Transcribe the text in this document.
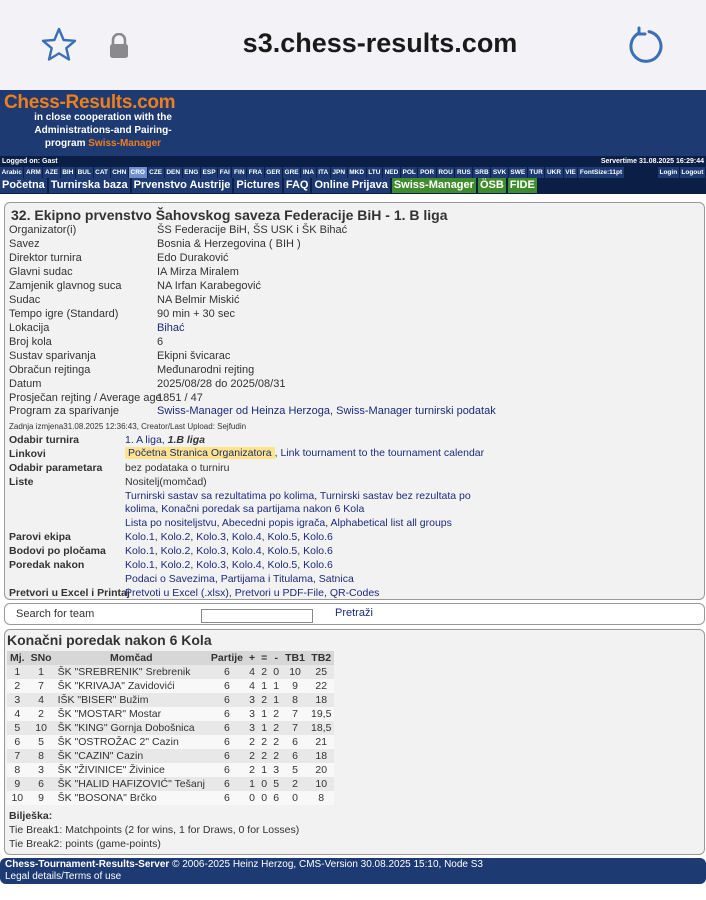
s3.chess-results.com
Chess-Results.com
in close cooperation with the
Administrations-and Pairing-
program Swiss-Manager
Logged on: Gast	Servertime 31.08.2025 16:29:44
Arabic ARM AZE BIH BUL CAT CHN CRO CZE DEN ENG ESP FAI FIN FRA GER GRE INA ITA JPN MKD LTU NED POL POR ROU RUS SRB SVK SWE TUR UKR VIE FontSize:11pt	Login Logout
Početna Turnirska baza Prvenstvo Austrije Pictures FAQ Online Prijava Swiss-Manager ÖSB FIDE
32. Ekipno prvenstvo Šahovskog saveza Federacije BiH - 1. B liga
Organizator(i)	ŠS Federacije BiH, ŠS USK i ŠK Bihać
Savez	Bosnia & Herzegovina ( BIH )
Direktor turnira	Edo Duraković
Glavni sudac	IA Mirza Miralem
Zamjenik glavnog suca	NA Irfan Karabegović
Sudac	NA Belmir Miskić
Tempo igre (Standard)	90 min + 30 sec
Lokacija	Bihać
Broj kola	6
Sustav sparivanja	Ekipni švicarac
Obračun rejtinga	Međunarodni rejting
Datum	2025/08/28 do 2025/08/31
Prosječan rejting / Average age
1851 / 47
Program za sparivanje	Swiss-Manager od Heinza Herzoga, Swiss-Manager turnirski podatak
Zadnja izmjena31.08.2025 12:36:43, Creator/Last Upload: Sejfudin
Odabir turnira	1. A liga, 1.B liga
Linkovi	Početna Stranica Organizatora , Link tournament to the tournament calendar
Odabir parametara bez podataka o turniru
Liste	Nositelj(momčad)
Turnirski sastav sa rezultatima po kolima, Turnirski sastav bez rezultata po
kolima, Konačni poredak sa partijama nakon 6 Kola
Lista po nositeljstvu, Abecedni popis igrača, Alphabetical list all groups
Parovi ekipa	Kolo.1, Kolo.2, Kolo.3, Kolo.4, Kolo.5, Kolo.6
Bodovi po pločama Kolo.1, Kolo.2, Kolo.3, Kolo.4, Kolo.5, Kolo.6
Poredak nakon	Kolo.1, Kolo.2, Kolo.3, Kolo.4, Kolo.5, Kolo.6
Podaci o Savezima, Partijama i Titulama, Satnica
Pretvori u Excel i Printaj
Pretvoti u Excel (.xlsx), Pretvori u PDF-File, QR-Codes
Search for team	Pretraži
Konačni poredak nakon 6 Kola
Mj.	SNo	Momčad	Partije	+	=	-	TB1	TB2
1	1	ŠK "SREBRENIK" Srebrenik	6	4	2	0	10	25
2	7	ŠK "KRIVAJA" Zavidovići	6	4	1	1	9	22
3	4	IŠK "BISER" Bužim	6	3	2	1	8	18
4	2	ŠK "MOSTAR" Mostar	6	3	1	2	7	19,5
5	10	ŠK "KING" Gornja Dobošnica	6	3	1	2	7	18,5
6	5	ŠK "OSTROŽAC 2" Cazin	6	2	2	2	6	21
7	8	ŠK "CAZIN" Cazin	6	2	2	2	6	18
8	3	ŠK "ŽIVINICE" Živinice	6	2	1	3	5	20
9	6	ŠK "HALID HAFIZOVIĆ" Tešanj	6	1	0	5	2	10
10	9	ŠK "BOSONA" Brčko	6	0	0	6	0	8
Bilješka:
Tie Break1: Matchpoints (2 for wins, 1 for Draws, 0 for Losses)
Tie Break2: points (game-points)
Chess-Tournament-Results-Server © 2006-2025 Heinz Herzog, CMS-Version 30.08.2025 15:10, Node S3
Legal details/Terms of use
